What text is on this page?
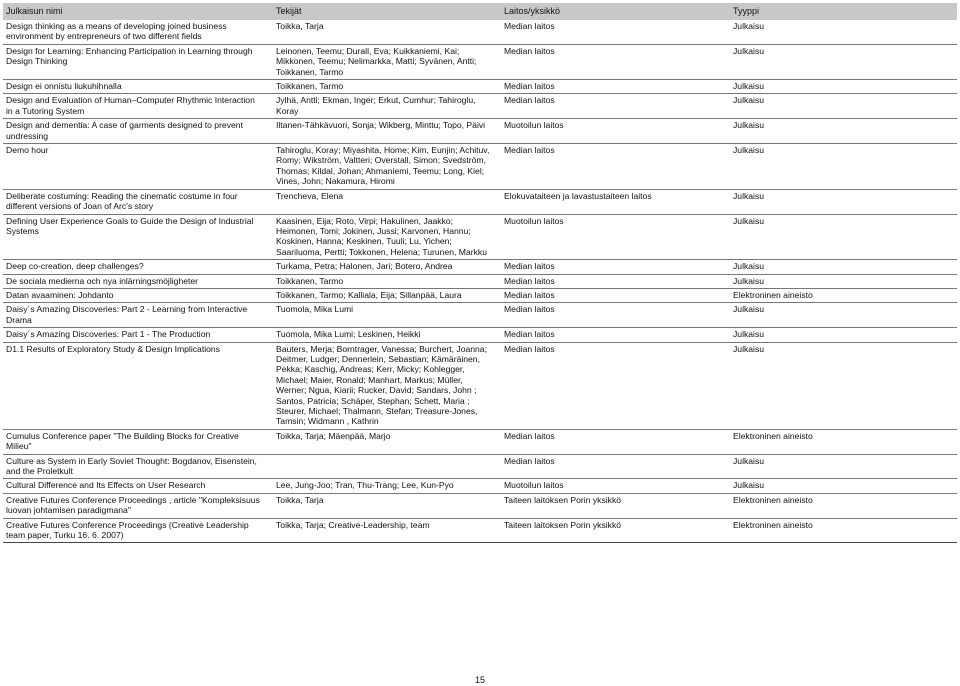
Julkaisun nimi	Tekijät	Laitos/yksikkö	Tyyppi
Design thinking as a means of developing joined business environment by entrepreneurs of two different fields	Toikka, Tarja	Median laitos	Julkaisu
Design for Learning: Enhancing Participation in Learning through Design Thinking	Leinonen, Teemu; Durall, Eva; Kuikkaniemi, Kai; Mikkonen, Teemu; Nelimarkka, Matti; Syvänen, Antti; Toikkanen, Tarmo	Median laitos	Julkaisu
Design ei onnistu liukuhihnalla	Toikkanen, Tarmo	Median laitos	Julkaisu
Design and Evaluation of Human–Computer Rhythmic Interaction in a Tutoring System	Jylhä, Antti; Ekman, Inger; Erkut, Cumhur; Tahiroglu, Koray	Median laitos	Julkaisu
Design and dementia: A case of garments designed to prevent undressing	Iltanen-Tähkävuori, Sonja; Wikberg, Minttu; Topo, Päivi	Muotoilun laitos	Julkaisu
Demo hour	Tahiroglu, Koray; Miyashita, Home; Kim, Eunjin; Achituv, Romy; Wikström, Valtteri; Overstall, Simon; Svedström, Thomas; Kildal, Johan; Ahmaniemi, Teemu; Long, Kiel; Vines, John; Nakamura, Hiromi	Median laitos	Julkaisu
Deliberate costuming: Reading the cinematic costume in four different versions of Joan of Arc's story	Trencheva, Elena	Elokuvataiteen ja lavastustaiteen laitos	Julkaisu
Defining User Experience Goals to Guide the Design of Industrial Systems	Kaasinen, Eija; Roto, Virpi; Hakulinen, Jaakko; Heimonen, Tomi; Jokinen, Jussi; Karvonen, Hannu; Koskinen, Hanna; Keskinen, Tuuli; Lu, Yichen; Saariluoma, Pertti; Tokkonen, Helena; Turunen, Markku	Muotoilun laitos	Julkaisu
Deep co-creation, deep challenges?	Turkama, Petra; Halonen, Jari; Botero, Andrea	Median laitos	Julkaisu
De sociala medierna och nya inlärningsmöjligheter	Toikkanen, Tarmo	Median laitos	Julkaisu
Datan avaaminen: Johdanto	Toikkanen, Tarmo; Kalliala, Eija; Sillanpää, Laura	Median laitos	Elektroninen aineisto
Daisy´s Amazing Discoveries: Part 2 - Learning from Interactive Drama	Tuomola, Mika Lumi	Median laitos	Julkaisu
Daisy´s Amazing Discoveries: Part 1 - The Production	Tuomola, Mika Lumi; Leskinen, Heikki	Median laitos	Julkaisu
D1.1 Results of Exploratory Study & Design Implications	Bauters, Merja; Borntrager, Vanessa; Burchert, Joanna; Deitmer, Ludger; Dennerlein, Sebastian; Kämäräinen, Pekka; Kaschig, Andreas; Kerr, Micky; Kohlegger, Michael; Maier, Ronald; Manhart, Markus; Müller, Werner; Ngua, Kiarii; Rucker, David; Sandars, John ; Santos, Patricia; Schäper, Stephan; Schett, Maria ; Steurer, Michael; Thalmann, Stefan; Treasure-Jones, Tamsin; Widmann , Kathrin	Median laitos	Julkaisu
Cumulus Conference paper "The Building Blocks for Creative Milieu"	Toikka, Tarja; Mäenpää, Marjo	Median laitos	Elektroninen aineisto
Culture as System in Early Soviet Thought: Bogdanov, Eisenstein, and the Proletkult		Median laitos	Julkaisu
Cultural Difference and Its Effects on User Research	Lee, Jung-Joo; Tran, Thu-Trang; Lee, Kun-Pyo	Muotoilun laitos	Julkaisu
Creative Futures Conference Proceedings , article "Kompleksisuus luovan johtamisen paradigmana"	Toikka, Tarja	Taiteen laitoksen Porin yksikkö	Elektroninen aineisto
Creative Futures Conference Proceedings (Creative Leadership team paper, Turku 16. 6. 2007)	Toikka, Tarja; Creative-Leadership, team	Taiteen laitoksen Porin yksikkö	Elektroninen aineisto
15
